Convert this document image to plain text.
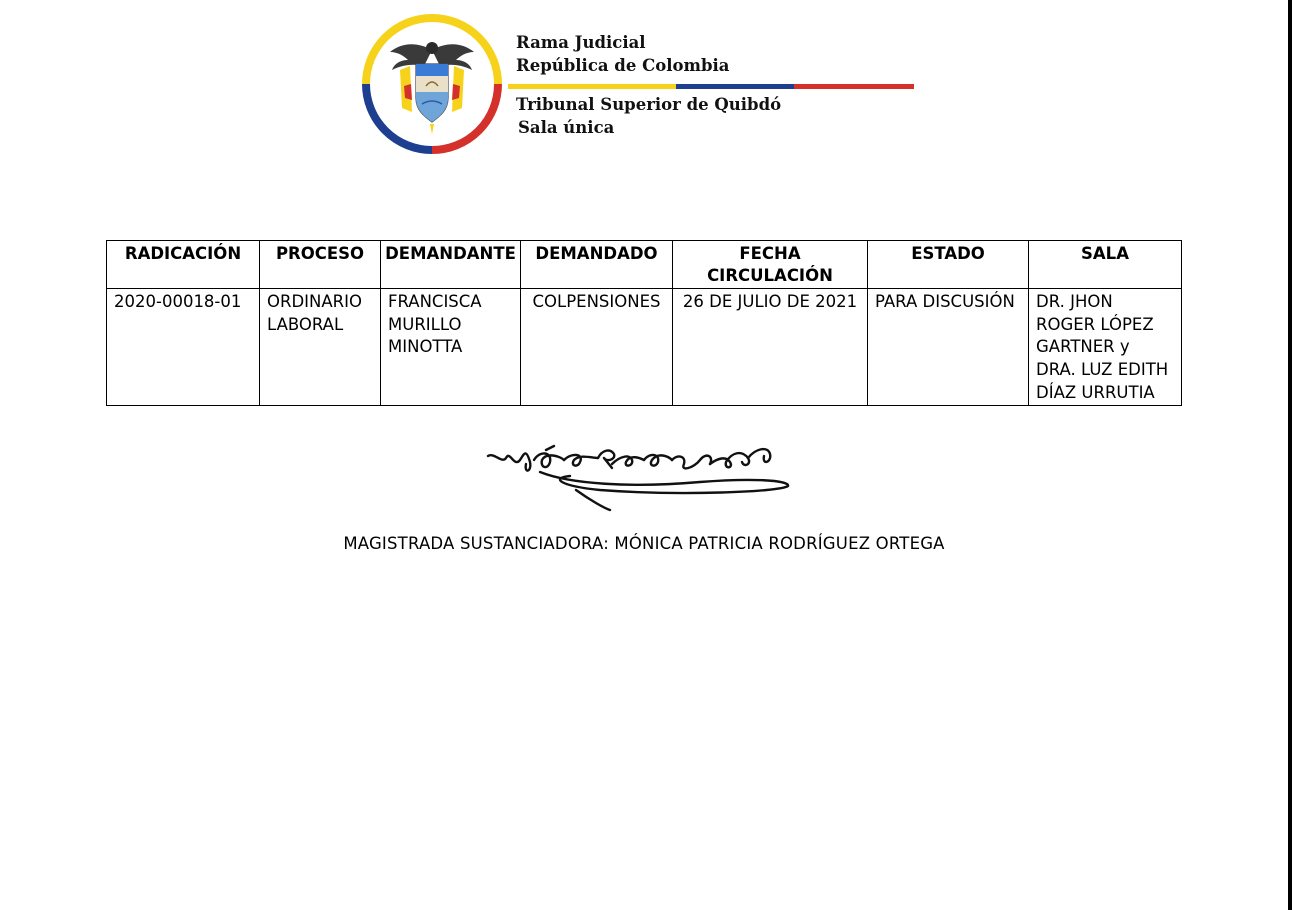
Rama Judicial
República de Colombia
Tribunal Superior de Quibdó
Sala única
RADICACIÓN	PROCESO	DEMANDANTE	DEMANDADO	FECHA CIRCULACIÓN	ESTADO	SALA
2020-00018-01	ORDINARIO LABORAL	FRANCISCA MURILLO MINOTTA	COLPENSIONES	26 DE JULIO DE 2021	PARA DISCUSIÓN	DR. JHON ROGER LÓPEZ GARTNER y DRA. LUZ EDITH DÍAZ URRUTIA
MAGISTRADA SUSTANCIADORA: MÓNICA PATRICIA RODRÍGUEZ ORTEGA
